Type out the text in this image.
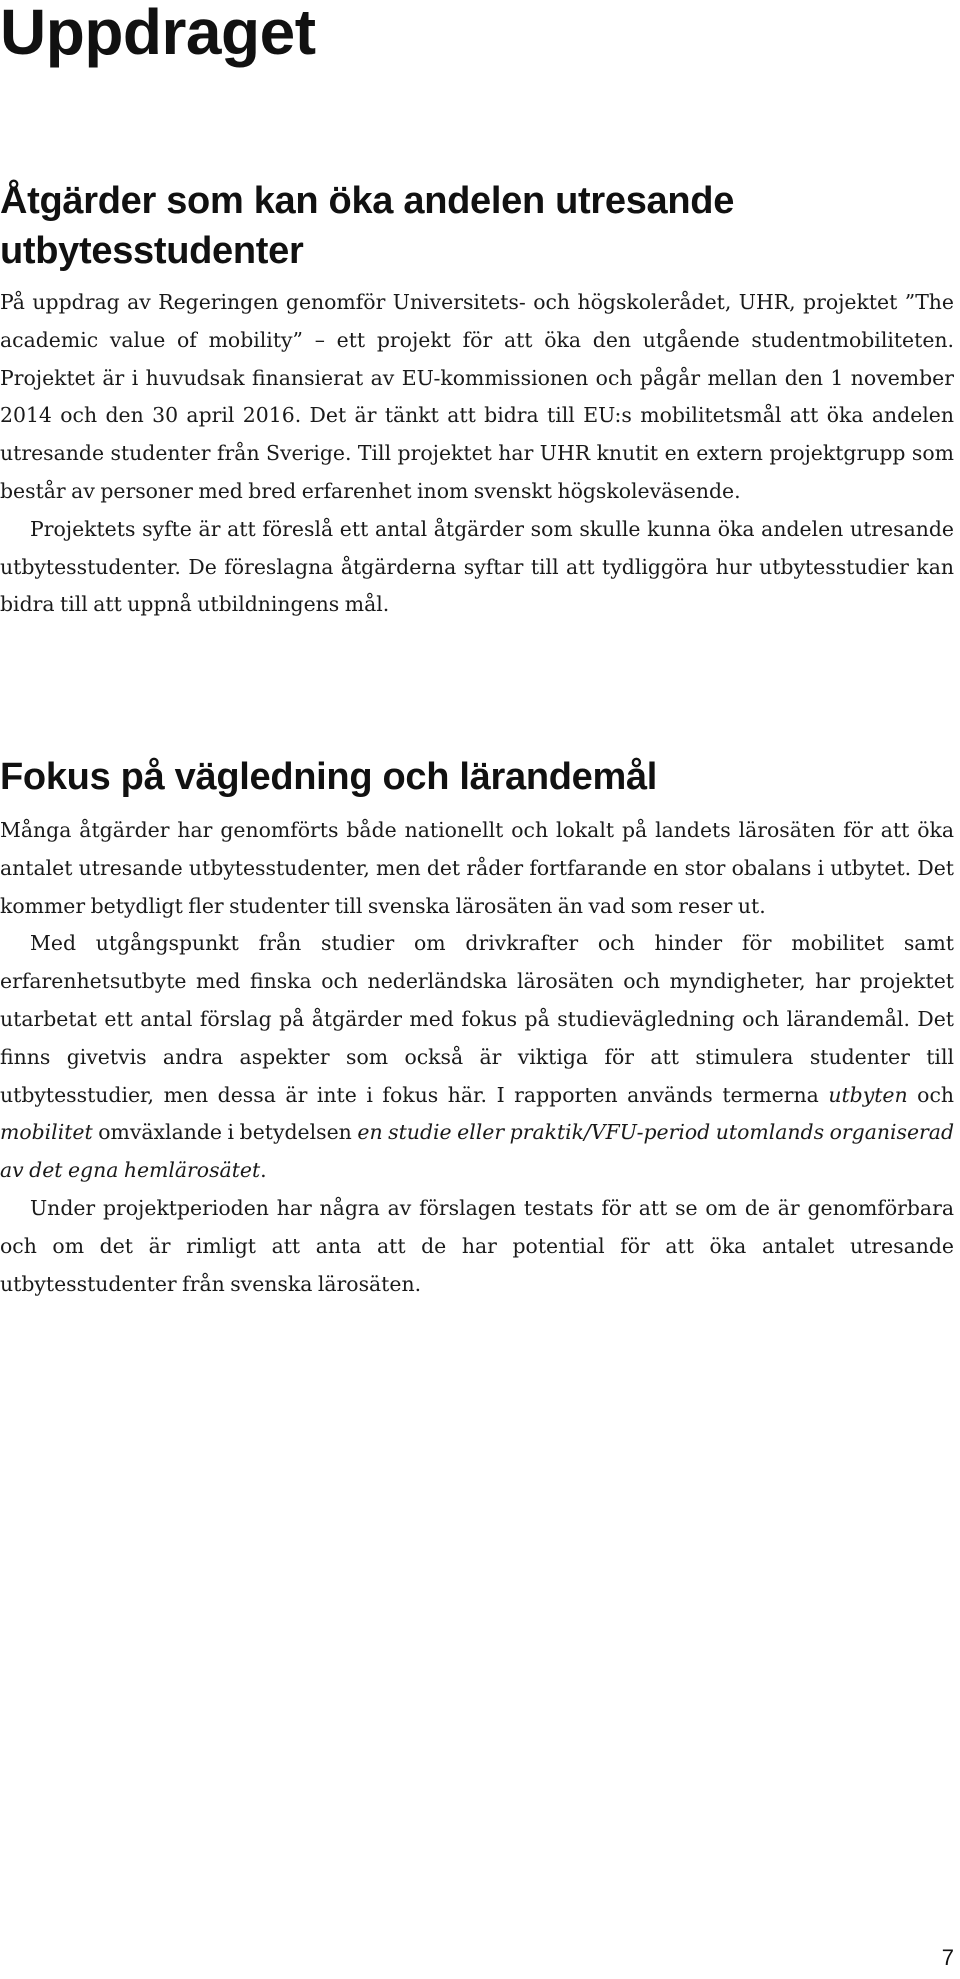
Uppdraget
Åtgärder som kan öka andelen utresande utbytesstudenter

På uppdrag av Regeringen genomför Universitets- och högskolerådet, UHR, projektet ”The academic value of mobility” – ett projekt för att öka den utgående studentmobiliteten. Projektet är i huvudsak finansierat av EU-kommissionen och pågår mellan den 1 november 2014 och den 30 april 2016. Det är tänkt att bidra till EU:s mobilitetsmål att öka andelen utresande studenter från Sverige. Till projektet har UHR knutit en extern projektgrupp som består av personer med bred erfarenhet inom svenskt högskoleväsende.

Projektets syfte är att föreslå ett antal åtgärder som skulle kunna öka andelen utresande utbytesstudenter. De föreslagna åtgärderna syftar till att tydliggöra hur utbytesstudier kan bidra till att uppnå utbildningens mål.

Fokus på vägledning och lärandemål

Många åtgärder har genomförts både nationellt och lokalt på landets lärosäten för att öka antalet utresande utbytesstudenter, men det råder fortfarande en stor obalans i utbytet. Det kommer betydligt fler studenter till svenska lärosäten än vad som reser ut.

Med utgångspunkt från studier om drivkrafter och hinder för mobilitet samt erfarenhetsutbyte med finska och nederländska lärosäten och myndigheter, har projektet utarbetat ett antal förslag på åtgärder med fokus på studievägledning och lärandemål. Det finns givetvis andra aspekter som också är viktiga för att stimulera studenter till utbytesstudier, men dessa är inte i fokus här. I rapporten används termerna utbyten och mobilitet omväxlande i betydelsen en studie eller praktik/VFU-period utomlands organiserad av det egna hemlärosätet.

Under projektperioden har några av förslagen testats för att se om de är genomförbara och om det är rimligt att anta att de har potential för att öka antalet utresande utbytesstudenter från svenska lärosäten.

7
